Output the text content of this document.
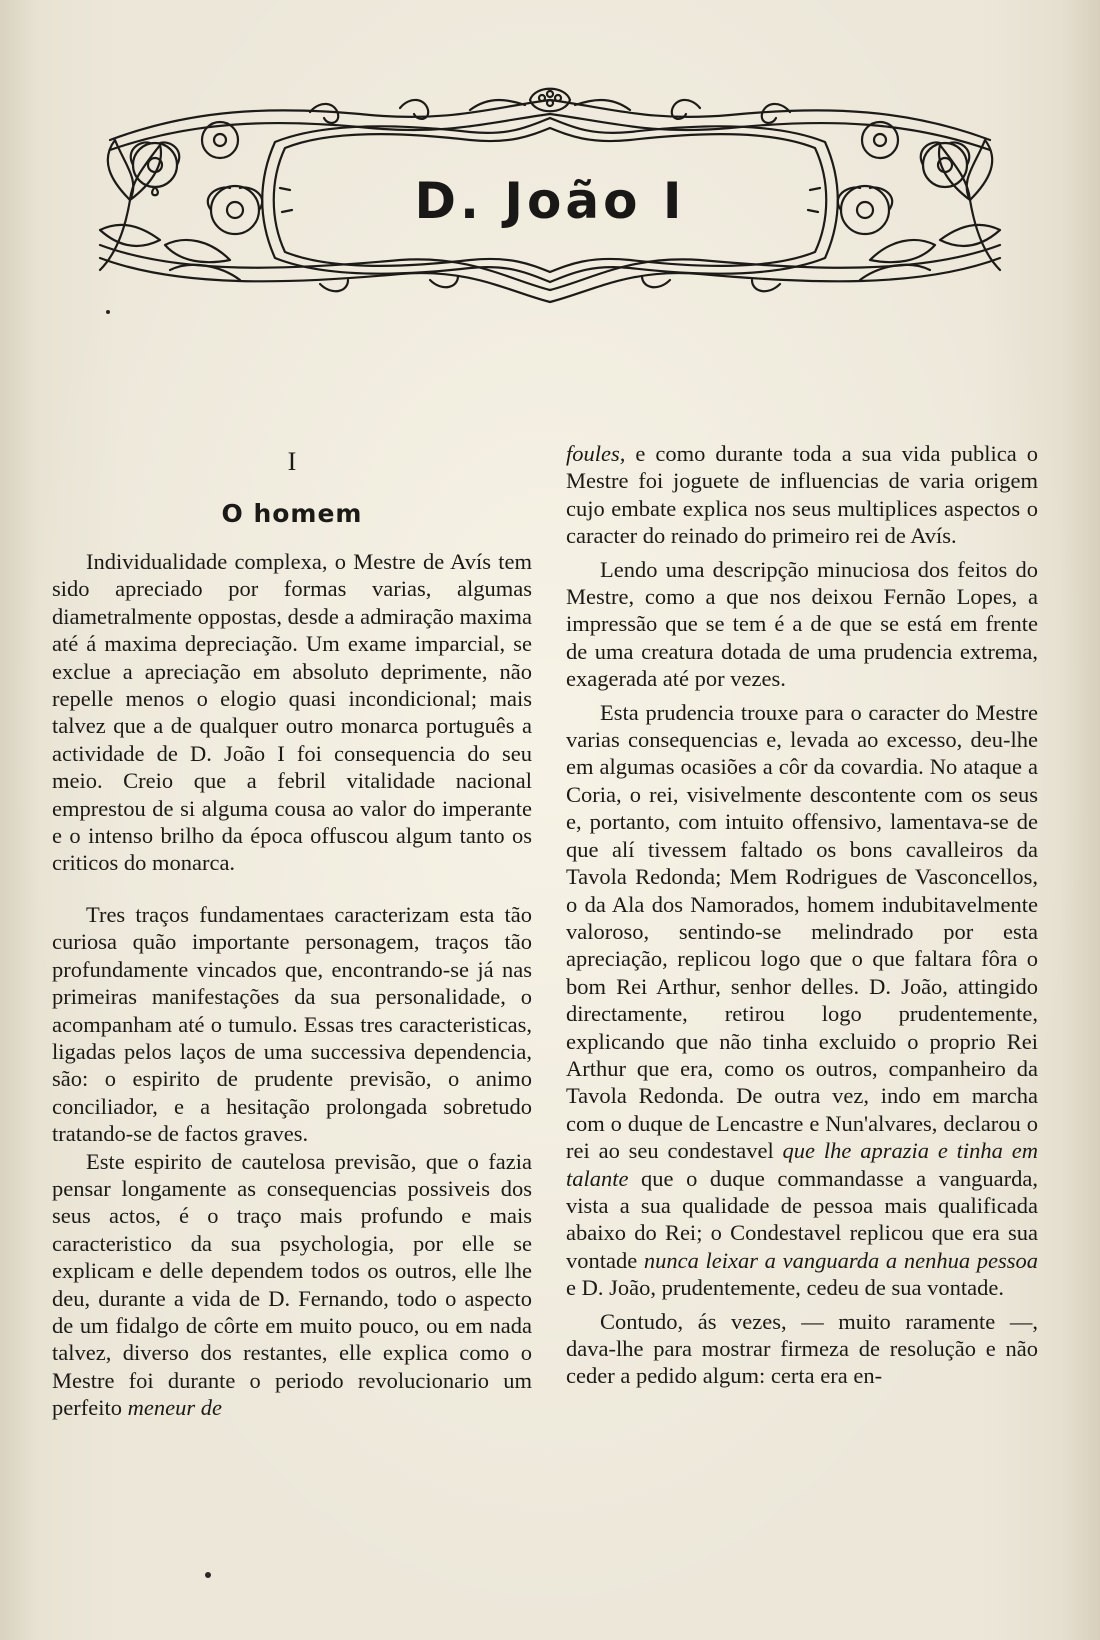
D. João I
I
O homem

Individualidade complexa, o Mestre de Avís tem sido apreciado por formas varias, algumas diametralmente oppostas, desde a admiração maxima até á maxima depreciação. Um exame imparcial, se exclue a apreciação em absoluto deprimente, não repelle menos o elogio quasi incondicional; mais talvez que a de qualquer outro monarca português a actividade de D. João I foi consequencia do seu meio. Creio que a febril vitalidade nacional emprestou de si alguma cousa ao valor do imperante e o intenso brilho da época offuscou algum tanto os criticos do monarca.

Tres traços fundamentaes caracterizam esta tão curiosa quão importante personagem, traços tão profundamente vincados que, encontrando-se já nas primeiras manifestações da sua personalidade, o acompanham até o tumulo. Essas tres caracteristicas, ligadas pelos laços de uma successiva dependencia, são: o espirito de prudente previsão, o animo conciliador, e a hesitação prolongada sobretudo tratando-se de factos graves.

Este espirito de cautelosa previsão, que o fazia pensar longamente as consequencias possiveis dos seus actos, é o traço mais profundo e mais caracteristico da sua psychologia, por elle se explicam e delle dependem todos os outros, elle lhe deu, durante a vida de D. Fernando, todo o aspecto de um fidalgo de côrte em muito pouco, ou em nada talvez, diverso dos restantes, elle explica como o Mestre foi durante o periodo revolucionario um perfeito meneur de

foules, e como durante toda a sua vida publica o Mestre foi joguete de influencias de varia origem cujo embate explica nos seus multiplices aspectos o caracter do reinado do primeiro rei de Avís.

Lendo uma descripção minuciosa dos feitos do Mestre, como a que nos deixou Fernão Lopes, a impressão que se tem é a de que se está em frente de uma creatura dotada de uma prudencia extrema, exagerada até por vezes.

Esta prudencia trouxe para o caracter do Mestre varias consequencias e, levada ao excesso, deu-lhe em algumas ocasiões a côr da covardia. No ataque a Coria, o rei, visivelmente descontente com os seus e, portanto, com intuito offensivo, lamentava-se de que alí tivessem faltado os bons cavalleiros da Tavola Redonda; Mem Rodrigues de Vasconcellos, o da Ala dos Namorados, homem indubitavelmente valoroso, sentindo-se melindrado por esta apreciação, replicou logo que o que faltara fôra o bom Rei Arthur, senhor delles. D. João, attingido directamente, retirou logo prudentemente, explicando que não tinha excluido o proprio Rei Arthur que era, como os outros, companheiro da Tavola Redonda. De outra vez, indo em marcha com o duque de Lencastre e Nun'alvares, declarou o rei ao seu condestavel que lhe aprazia e tinha em talante que o duque commandasse a vanguarda, vista a sua qualidade de pessoa mais qualificada abaixo do Rei; o Condestavel replicou que era sua vontade nunca leixar a vanguarda a nenhua pessoa e D. João, prudentemente, cedeu de sua vontade.

Contudo, ás vezes, — muito raramente —, dava-lhe para mostrar firmeza de resolução e não ceder a pedido algum: certa era en-
